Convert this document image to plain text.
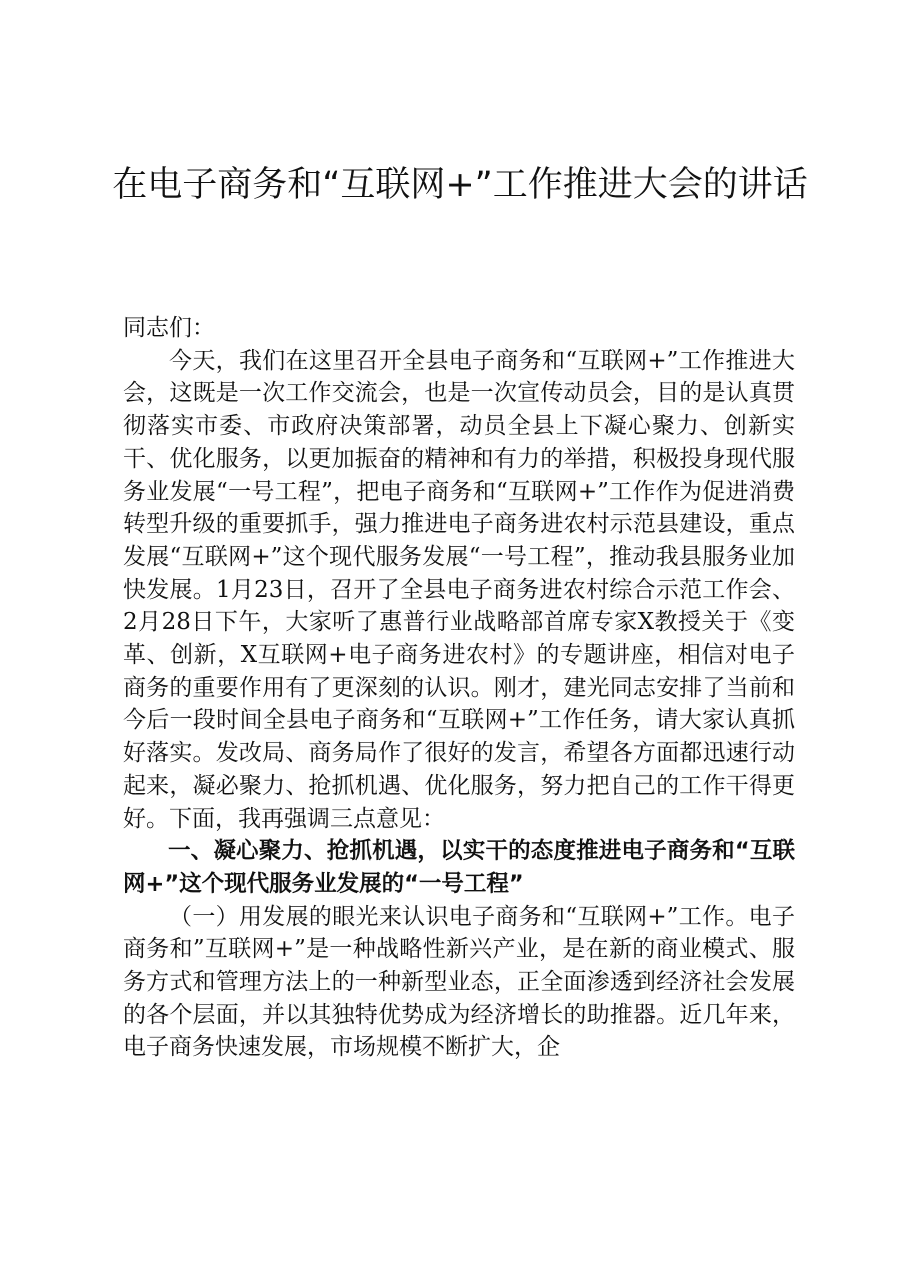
在电子商务和“互联网+”工作推进大会的讲话

同志们：

今天，我们在这里召开全县电子商务和“互联网+”工作推进大会，这既是一次工作交流会，也是一次宣传动员会，目的是认真贯彻落实市委、市政府决策部署，动员全县上下凝心聚力、创新实干、优化服务，以更加振奋的精神和有力的举措，积极投身现代服务业发展“一号工程”，把电子商务和“互联网+”工作作为促进消费转型升级的重要抓手，强力推进电子商务进农村示范县建设，重点发展“互联网+”这个现代服务发展“一号工程”，推动我县服务业加快发展。1月23日，召开了全县电子商务进农村综合示范工作会、2月28日下午，大家听了惠普行业战略部首席专家X教授关于《变革、创新，X互联网+电子商务进农村》的专题讲座，相信对电子商务的重要作用有了更深刻的认识。刚才，建光同志安排了当前和今后一段时间全县电子商务和“互联网+”工作任务，请大家认真抓好落实。发改局、商务局作了很好的发言，希望各方面都迅速行动起来，凝必聚力、抢抓机遇、优化服务，努力把自己的工作干得更好。下面，我再强调三点意见：

一、凝心聚力、抢抓机遇，以实干的态度推进电子商务和“互联网+”这个现代服务业发展的“一号工程”

（一）用发展的眼光来认识电子商务和“互联网+”工作。电子商务和”互联网+”是一种战略性新兴产业，是在新的商业模式、服务方式和管理方法上的一种新型业态，正全面渗透到经济社会发展的各个层面，并以其独特优势成为经济增长的助推器。近几年来，电子商务快速发展，市场规模不断扩大，企
